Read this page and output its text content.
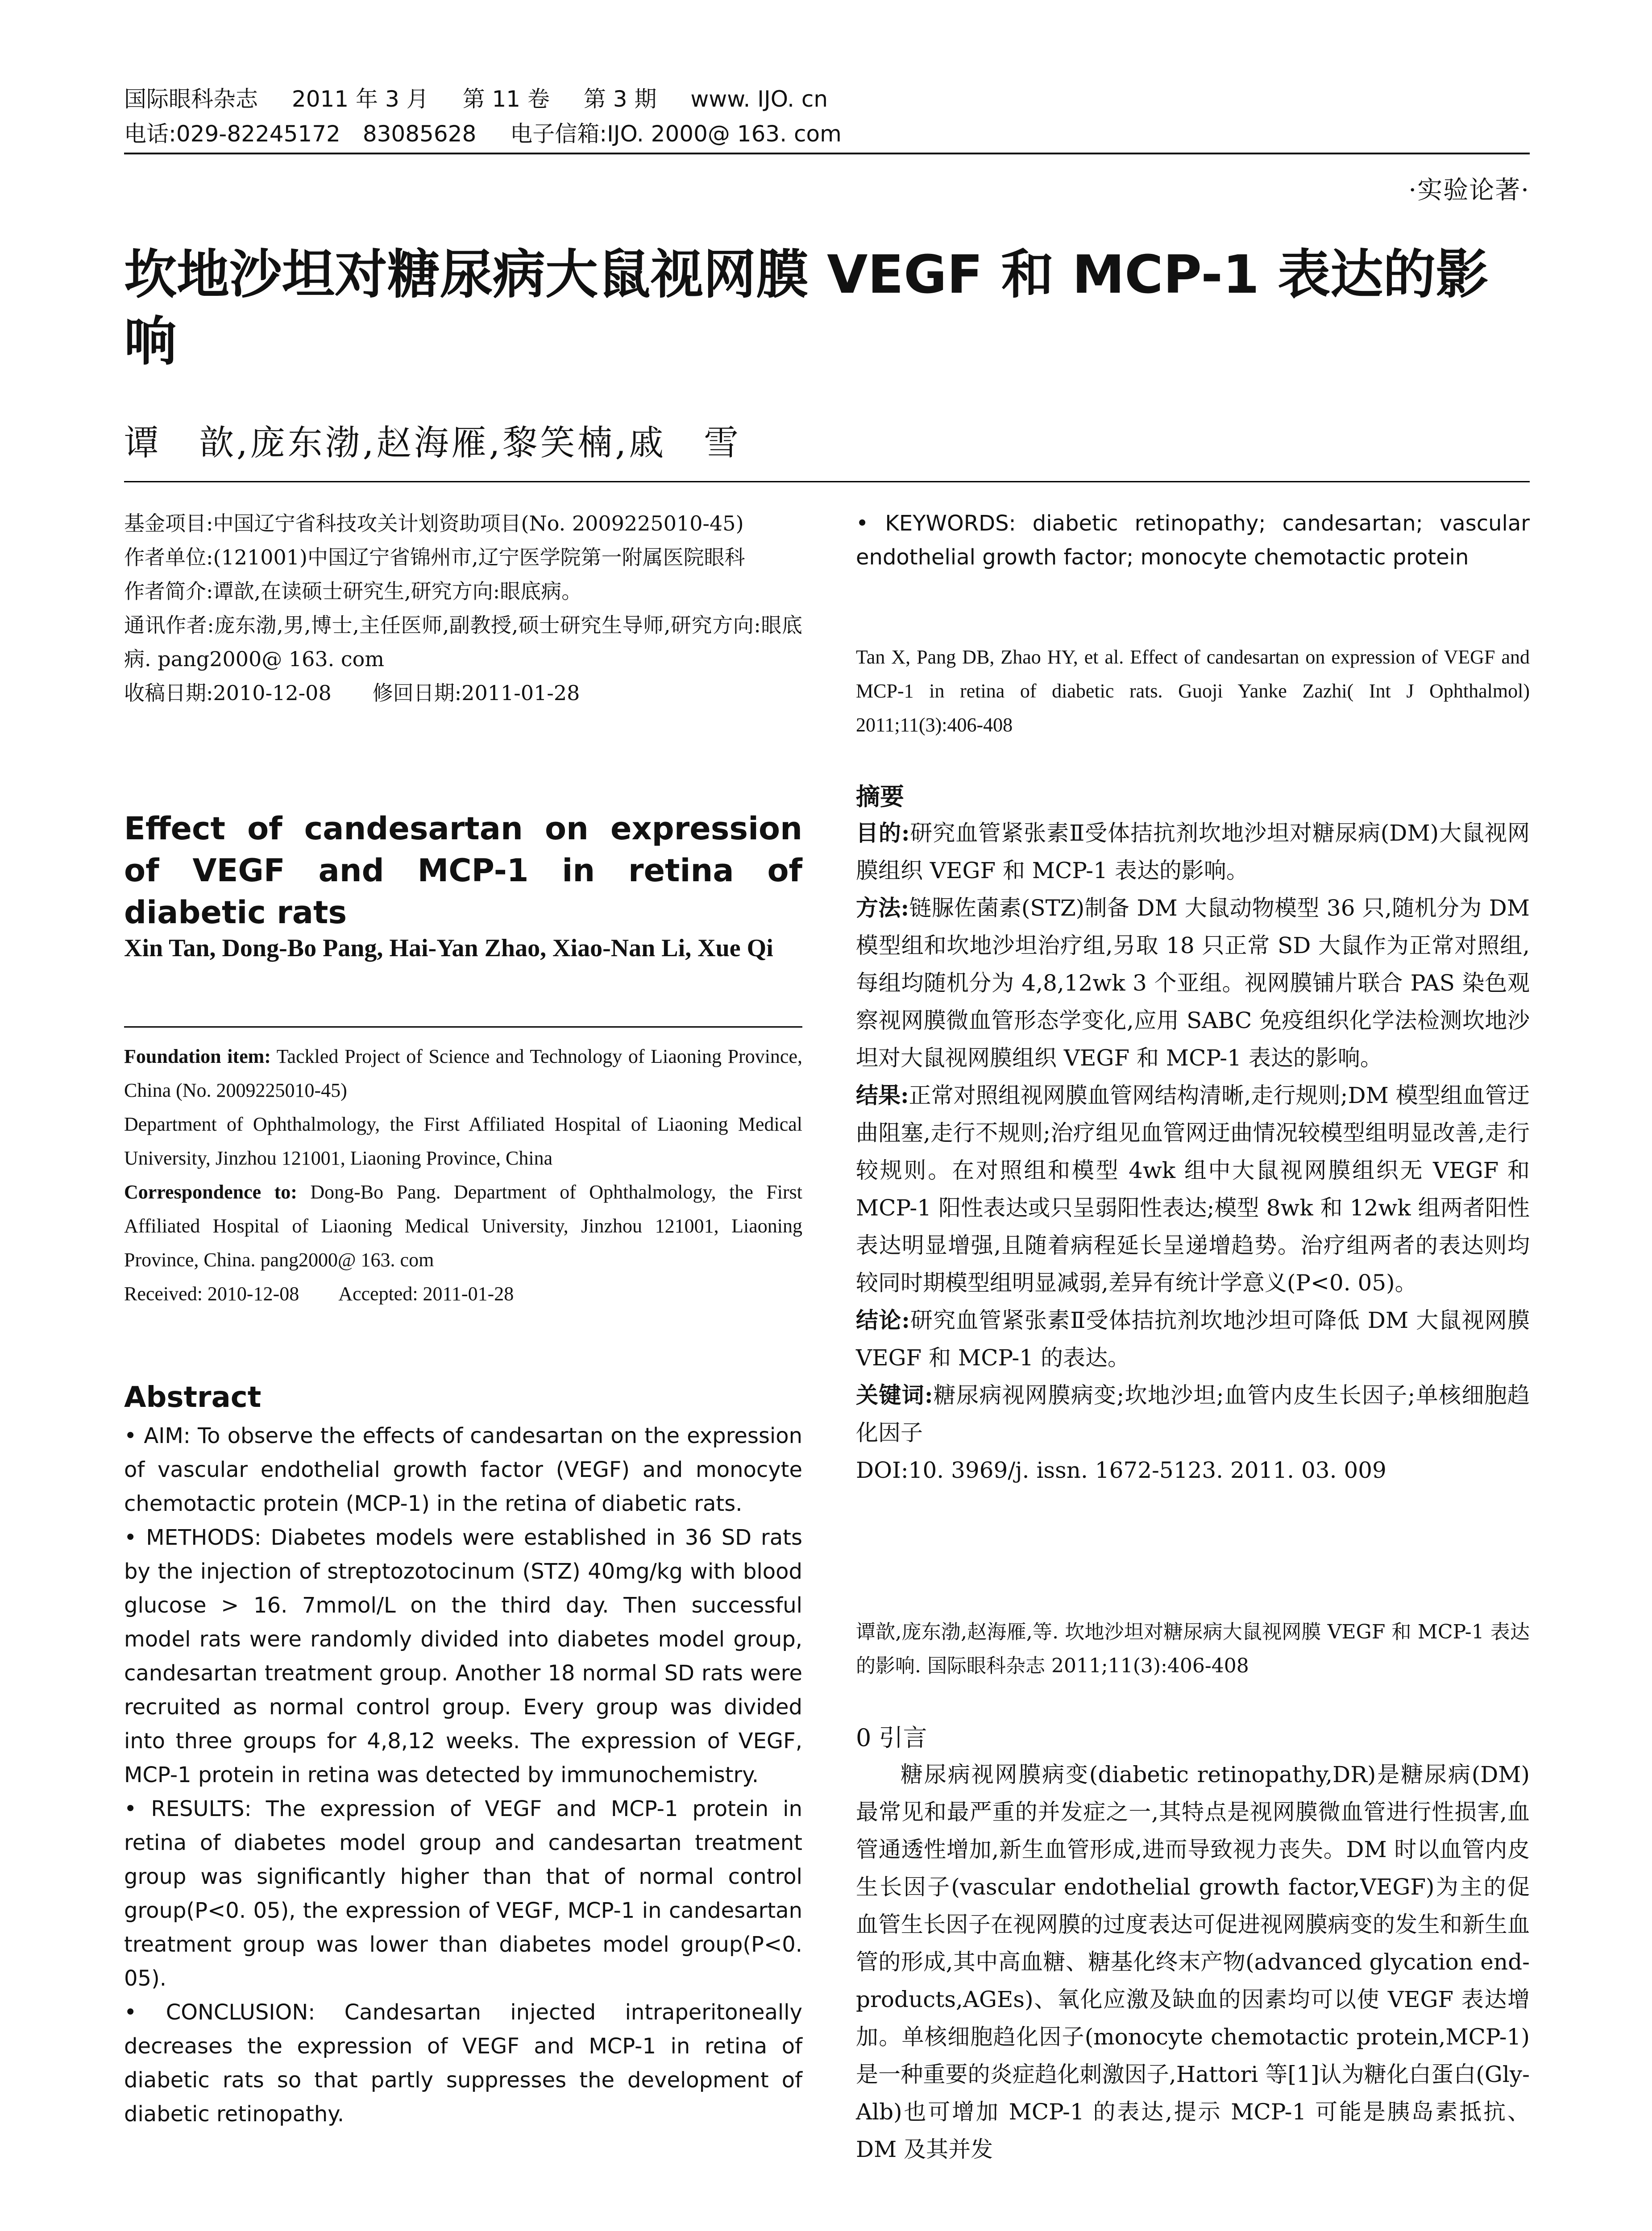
国际眼科杂志 2011 年 3 月 第 11 卷 第 3 期 www. IJO. cn
电话:029-82245172　83085628 电子信箱:IJO. 2000@ 163. com
·实验论著·
坎地沙坦对糖尿病大鼠视网膜 VEGF 和 MCP-1 表达的影响
谭　歆,庞东渤,赵海雁,黎笑楠,戚　雪

基金项目:中国辽宁省科技攻关计划资助项目(No. 2009225010-45)

作者单位:(121001)中国辽宁省锦州市,辽宁医学院第一附属医院眼科

作者简介:谭歆,在读硕士研究生,研究方向:眼底病。

通讯作者:庞东渤,男,博士,主任医师,副教授,硕士研究生导师,研究方向:眼底病. pang2000@ 163. com

收稿日期:2010-12-08　　修回日期:2011-01-28

Effect of candesartan on expression of VEGF and MCP-1 in retina of diabetic rats
Xin Tan, Dong-Bo Pang, Hai-Yan Zhao, Xiao-Nan Li, Xue Qi

Foundation item: Tackled Project of Science and Technology of Liaoning Province, China (No. 2009225010-45)

Department of Ophthalmology, the First Affiliated Hospital of Liaoning Medical University, Jinzhou 121001, Liaoning Province, China

Correspondence to: Dong-Bo Pang. Department of Ophthalmology, the First Affiliated Hospital of Liaoning Medical University, Jinzhou 121001, Liaoning Province, China. pang2000@ 163. com

Received: 2010-12-08　　Accepted: 2011-01-28

Abstract

• AIM: To observe the effects of candesartan on the expression of vascular endothelial growth factor (VEGF) and monocyte chemotactic protein (MCP-1) in the retina of diabetic rats.

• METHODS: Diabetes models were established in 36 SD rats by the injection of streptozotocinum (STZ) 40mg/kg with blood glucose > 16. 7mmol/L on the third day. Then successful model rats were randomly divided into diabetes model group, candesartan treatment group. Another 18 normal SD rats were recruited as normal control group. Every group was divided into three groups for 4,8,12 weeks. The expression of VEGF, MCP-1 protein in retina was detected by immunochemistry.

• RESULTS: The expression of VEGF and MCP-1 protein in retina of diabetes model group and candesartan treatment group was significantly higher than that of normal control group(P<0. 05), the expression of VEGF, MCP-1 in candesartan treatment group was lower than diabetes model group(P<0. 05).

• CONCLUSION: Candesartan injected intraperitoneally decreases the expression of VEGF and MCP-1 in retina of diabetic rats so that partly suppresses the development of diabetic retinopathy.

• KEYWORDS: diabetic retinopathy; candesartan; vascular endothelial growth factor; monocyte chemotactic protein
Tan X, Pang DB, Zhao HY, et al. Effect of candesartan on expression of VEGF and MCP-1 in retina of diabetic rats. Guoji Yanke Zazhi( Int J Ophthalmol) 2011;11(3):406-408
摘要

目的:研究血管紧张素Ⅱ受体拮抗剂坎地沙坦对糖尿病(DM)大鼠视网膜组织 VEGF 和 MCP-1 表达的影响。

方法:链脲佐菌素(STZ)制备 DM 大鼠动物模型 36 只,随机分为 DM 模型组和坎地沙坦治疗组,另取 18 只正常 SD 大鼠作为正常对照组,每组均随机分为 4,8,12wk 3 个亚组。视网膜铺片联合 PAS 染色观察视网膜微血管形态学变化,应用 SABC 免疫组织化学法检测坎地沙坦对大鼠视网膜组织 VEGF 和 MCP-1 表达的影响。

结果:正常对照组视网膜血管网结构清晰,走行规则;DM 模型组血管迂曲阻塞,走行不规则;治疗组见血管网迂曲情况较模型组明显改善,走行较规则。在对照组和模型 4wk 组中大鼠视网膜组织无 VEGF 和 MCP-1 阳性表达或只呈弱阳性表达;模型 8wk 和 12wk 组两者阳性表达明显增强,且随着病程延长呈递增趋势。治疗组两者的表达则均较同时期模型组明显减弱,差异有统计学意义(P<0. 05)。

结论:研究血管紧张素Ⅱ受体拮抗剂坎地沙坦可降低 DM 大鼠视网膜 VEGF 和 MCP-1 的表达。

关键词:糖尿病视网膜病变;坎地沙坦;血管内皮生长因子;单核细胞趋化因子

DOI:10. 3969/j. issn. 1672-5123. 2011. 03. 009

谭歆,庞东渤,赵海雁,等. 坎地沙坦对糖尿病大鼠视网膜 VEGF 和 MCP-1 表达的影响. 国际眼科杂志 2011;11(3):406-408
0 引言

糖尿病视网膜病变(diabetic retinopathy,DR)是糖尿病(DM)最常见和最严重的并发症之一,其特点是视网膜微血管进行性损害,血管通透性增加,新生血管形成,进而导致视力丧失。DM 时以血管内皮生长因子(vascular endothelial growth factor,VEGF)为主的促血管生长因子在视网膜的过度表达可促进视网膜病变的发生和新生血管的形成,其中高血糖、糖基化终末产物(advanced glycation end-products,AGEs)、氧化应激及缺血的因素均可以使 VEGF 表达增加。单核细胞趋化因子(monocyte chemotactic protein,MCP-1)是一种重要的炎症趋化刺激因子,Hattori 等[1]认为糖化白蛋白(Gly-Alb)也可增加 MCP-1 的表达,提示 MCP-1 可能是胰岛素抵抗、DM 及其并发
